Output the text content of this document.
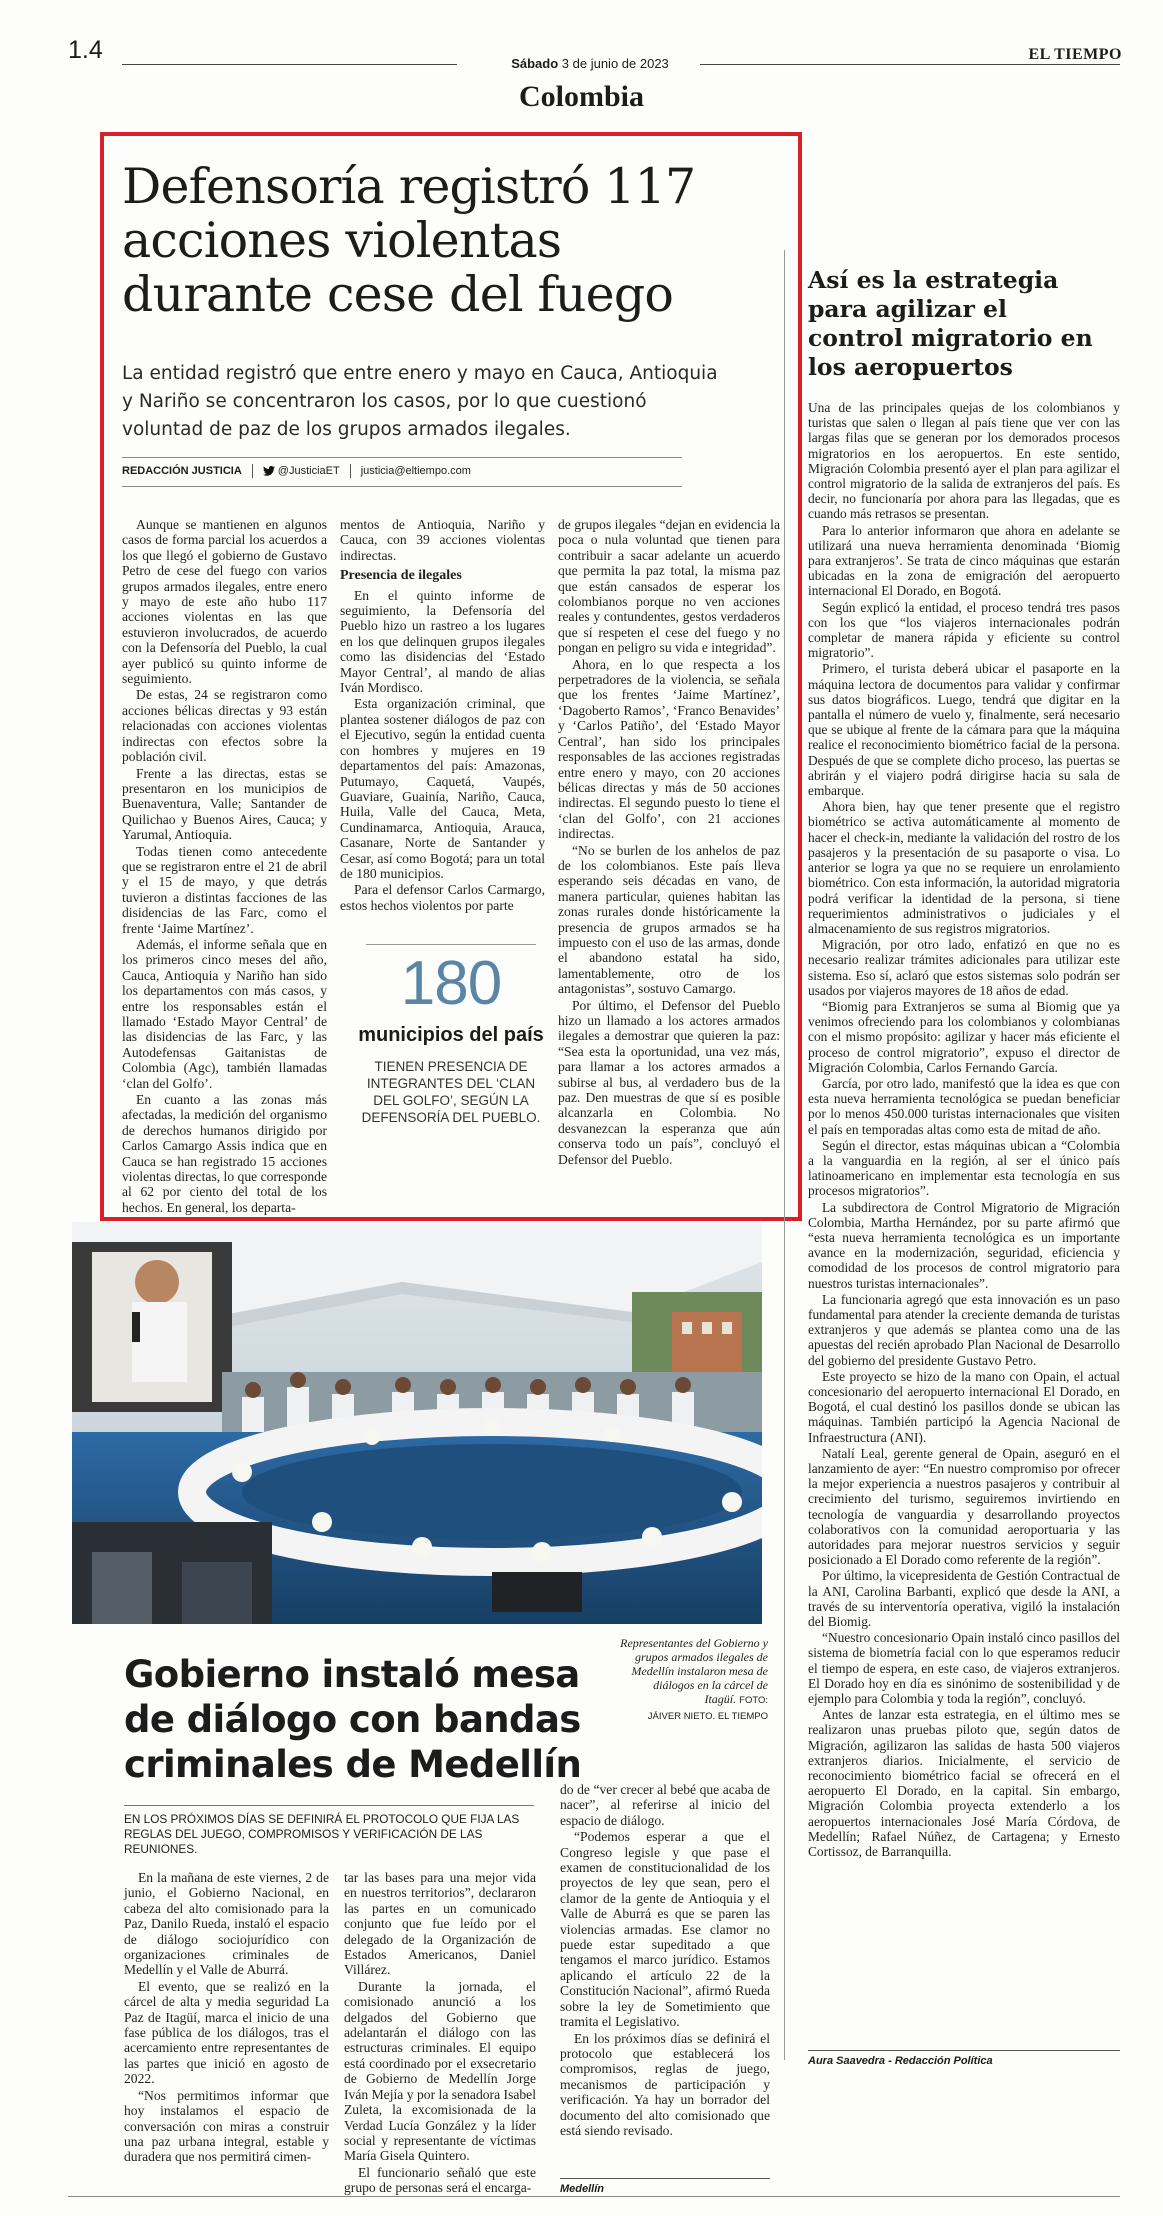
1.4	Sábado 3 de junio de 2023
EL TIEMPO
Colombia
Defensoría registró 117 acciones violentas durante cese del fuego

La entidad registró que entre enero y mayo en Cauca, Antioquia y Nariño se concentraron los casos, por lo que cuestionó voluntad de paz de los grupos armados ilegales.

REDACCIÓN JUSTICIA	@JusticiaET justicia@eltiempo.com

Aunque se mantienen en algunos casos de forma parcial los acuerdos a los que llegó el gobierno de Gustavo Petro de cese del fuego con varios grupos armados ilegales, entre enero y mayo de este año hubo 117 acciones violentas en las que estuvieron involucrados, de acuerdo con la Defensoría del Pueblo, la cual ayer publicó su quinto informe de seguimiento.

De estas, 24 se registraron como acciones bélicas directas y 93 están relacionadas con acciones violentas indirectas con efectos sobre la población civil.

Frente a las directas, estas se presentaron en los municipios de Buenaventura, Valle; Santander de Quilichao y Buenos Aires, Cauca; y Yarumal, Antioquia.

Todas tienen como antecedente que se registraron entre el 21 de abril y el 15 de mayo, y que detrás tuvieron a distintas facciones de las disidencias de las Farc, como el frente ‘Jaime Martínez’.

Además, el informe señala que en los primeros cinco meses del año, Cauca, Antioquia y Nariño han sido los departamentos con más casos, y entre los responsables están el llamado ‘Estado Mayor Central’ de las disidencias de las Farc, y las Autodefensas Gaitanistas de Colombia (Agc), también llamadas ‘clan del Golfo’.

En cuanto a las zonas más afectadas, la medición del organismo de derechos humanos dirigido por Carlos Camargo Assis indica que en Cauca se han registrado 15 acciones violentas directas, lo que corresponde al 62 por ciento del total de los hechos. En general, los departa-

mentos de Antioquia, Nariño y Cauca, con 39 acciones violentas indirectas.

Presencia de ilegales

En el quinto informe de seguimiento, la Defensoría del Pueblo hizo un rastreo a los lugares en los que delinquen grupos ilegales como las disidencias del ‘Estado Mayor Central’, al mando de alias Iván Mordisco.

Esta organización criminal, que plantea sostener diálogos de paz con el Ejecutivo, según la entidad cuenta con hombres y mujeres en 19 departamentos del país: Amazonas, Putumayo, Caquetá, Vaupés, Guaviare, Guainía, Nariño, Cauca, Huila, Valle del Cauca, Meta, Cundinamarca, Antioquia, Arauca, Casanare, Norte de Santander y Cesar, así como Bogotá; para un total de 180 municipios.

Para el defensor Carlos Carmargo, estos hechos violentos por parte

de grupos ilegales “dejan en evidencia la poca o nula voluntad que tienen para contribuir a sacar adelante un acuerdo que permita la paz total, la misma paz que están cansados de esperar los colombianos porque no ven acciones reales y contundentes, gestos verdaderos que sí respeten el cese del fuego y no pongan en peligro su vida e integridad”.

Ahora, en lo que respecta a los perpetradores de la violencia, se señala que los frentes ‘Jaime Martínez’, ‘Dagoberto Ramos’, ‘Franco Benavides’ y ‘Carlos Patiño’, del ‘Estado Mayor Central’, han sido los principales responsables de las acciones registradas entre enero y mayo, con 20 acciones bélicas directas y más de 50 acciones indirectas. El segundo puesto lo tiene el ‘clan del Golfo’, con 21 acciones indirectas.

“No se burlen de los anhelos de paz de los colombianos. Este país lleva esperando seis décadas en vano, de manera particular, quienes habitan las zonas rurales donde históricamente la presencia de grupos armados se ha impuesto con el uso de las armas, donde el abandono estatal ha sido, lamentablemente, otro de los antagonistas”, sostuvo Camargo.

Por último, el Defensor del Pueblo hizo un llamado a los actores armados ilegales a demostrar que quieren la paz: “Sea esta la oportunidad, una vez más, para llamar a los actores armados a subirse al bus, al verdadero bus de la paz. Den muestras de que sí es posible alcanzarla en Colombia. No desvanezcan la esperanza que aún conserva todo un país”, concluyó el Defensor del Pueblo.

180
municipios del país
TIENEN PRESENCIA DE INTEGRANTES DEL ‘CLAN DEL GOLFO’, SEGÚN LA DEFENSORÍA DEL PUEBLO.
Así es la estrategia para agilizar el control migratorio en los aeropuertos

Una de las principales quejas de los colombianos y turistas que salen o llegan al país tiene que ver con las largas filas que se generan por los demorados procesos migratorios en los aeropuertos. En este sentido, Migración Colombia presentó ayer el plan para agilizar el control migratorio de la salida de extranjeros del país. Es decir, no funcionaría por ahora para las llegadas, que es cuando más retrasos se presentan.

Para lo anterior informaron que ahora en adelante se utilizará una nueva herramienta denominada ‘Biomig para extranjeros’. Se trata de cinco máquinas que estarán ubicadas en la zona de emigración del aeropuerto internacional El Dorado, en Bogotá.

Según explicó la entidad, el proceso tendrá tres pasos con los que “los viajeros internacionales podrán completar de manera rápida y eficiente su control migratorio”.

Primero, el turista deberá ubicar el pasaporte en la máquina lectora de documentos para validar y confirmar sus datos biográficos. Luego, tendrá que digitar en la pantalla el número de vuelo y, finalmente, será necesario que se ubique al frente de la cámara para que la máquina realice el reconocimiento biométrico facial de la persona. Después de que se complete dicho proceso, las puertas se abrirán y el viajero podrá dirigirse hacia su sala de embarque.

Ahora bien, hay que tener presente que el registro biométrico se activa automáticamente al momento de hacer el check-in, mediante la validación del rostro de los pasajeros y la presentación de su pasaporte o visa. Lo anterior se logra ya que no se requiere un enrolamiento biométrico. Con esta información, la autoridad migratoria podrá verificar la identidad de la persona, si tiene requerimientos administrativos o judiciales y el almacenamiento de sus registros migratorios.

Migración, por otro lado, enfatizó en que no es necesario realizar trámites adicionales para utilizar este sistema. Eso sí, aclaró que estos sistemas solo podrán ser usados por viajeros mayores de 18 años de edad.

“Biomig para Extranjeros se suma al Biomig que ya venimos ofreciendo para los colombianos y colombianas con el mismo propósito: agilizar y hacer más eficiente el proceso de control migratorio”, expuso el director de Migración Colombia, Carlos Fernando García.

García, por otro lado, manifestó que la idea es que con esta nueva herramienta tecnológica se puedan beneficiar por lo menos 450.000 turistas internacionales que visiten el país en temporadas altas como esta de mitad de año.

Según el director, estas máquinas ubican a “Colombia a la vanguardia en la región, al ser el único país latinoamericano en implementar esta tecnología en sus procesos migratorios”.

La subdirectora de Control Migratorio de Migración Colombia, Martha Hernández, por su parte afirmó que “esta nueva herramienta tecnológica es un importante avance en la modernización, seguridad, eficiencia y comodidad de los procesos de control migratorio para nuestros turistas internacionales”.

La funcionaria agregó que esta innovación es un paso fundamental para atender la creciente demanda de turistas extranjeros y que además se plantea como una de las apuestas del recién aprobado Plan Nacional de Desarrollo del gobierno del presidente Gustavo Petro.

Este proyecto se hizo de la mano con Opain, el actual concesionario del aeropuerto internacional El Dorado, en Bogotá, el cual destinó los pasillos donde se ubican las máquinas. También participó la Agencia Nacional de Infraestructura (ANI).

Natalí Leal, gerente general de Opain, aseguró en el lanzamiento de ayer: “En nuestro compromiso por ofrecer la mejor experiencia a nuestros pasajeros y contribuir al crecimiento del turismo, seguiremos invirtiendo en tecnología de vanguardia y desarrollando proyectos colaborativos con la comunidad aeroportuaria y las autoridades para mejorar nuestros servicios y seguir posicionado a El Dorado como referente de la región”.

Por último, la vicepresidenta de Gestión Contractual de la ANI, Carolina Barbanti, explicó que desde la ANI, a través de su interventoría operativa, vigiló la instalación del Biomig.

“Nuestro concesionario Opain instaló cinco pasillos del sistema de biometría facial con lo que esperamos reducir el tiempo de espera, en este caso, de viajeros extranjeros. El Dorado hoy en día es sinónimo de sostenibilidad y de ejemplo para Colombia y toda la región”, concluyó.

Antes de lanzar esta estrategia, en el último mes se realizaron unas pruebas piloto que, según datos de Migración, agilizaron las salidas de hasta 500 viajeros extranjeros diarios. Inicialmente, el servicio de reconocimiento biométrico facial se ofrecerá en el aeropuerto El Dorado, en la capital. Sin embargo, Migración Colombia proyecta extenderlo a los aeropuertos internacionales José María Córdova, de Medellín; Rafael Núñez, de Cartagena; y Ernesto Cortissoz, de Barranquilla.

Aura Saavedra - Redacción Política
Representantes del Gobierno y grupos armados ilegales de Medellín instalaron mesa de diálogos en la cárcel de Itagüí. FOTO:
JÁIVER NIETO. EL TIEMPO
Gobierno instaló mesa de diálogo con bandas criminales de Medellín

EN LOS PRÓXIMOS DÍAS SE DEFINIRÁ EL PROTOCOLO QUE FIJA LAS REGLAS DEL JUEGO, COMPROMISOS Y VERIFICACIÓN DE LAS REUNIONES.

En la mañana de este viernes, 2 de junio, el Gobierno Nacional, en cabeza del alto comisionado para la Paz, Danilo Rueda, instaló el espacio de diálogo sociojurídico con organizaciones criminales de Medellín y el Valle de Aburrá.

El evento, que se realizó en la cárcel de alta y media seguridad La Paz de Itagüí, marca el inicio de una fase pública de los diálogos, tras el acercamiento entre representantes de las partes que inició en agosto de 2022.

“Nos permitimos informar que hoy instalamos el espacio de conversación con miras a construir una paz urbana integral, estable y duradera que nos permitirá cimen-

tar las bases para una mejor vida en nuestros territorios”, declararon las partes en un comunicado conjunto que fue leído por el delegado de la Organización de Estados Americanos, Daniel Villárez.

Durante la jornada, el comisionado anunció a los delgados del Gobierno que adelantarán el diálogo con las estructuras criminales. El equipo está coordinado por el exsecretario de Gobierno de Medellín Jorge Iván Mejía y por la senadora Isabel Zuleta, la excomisionada de la Verdad Lucía González y la líder social y representante de víctimas María Gisela Quintero.

El funcionario señaló que este grupo de personas será el encarga-

do de “ver crecer al bebé que acaba de nacer”, al referirse al inicio del espacio de diálogo.

“Podemos esperar a que el Congreso legisle y que pase el examen de constitucionalidad de los proyectos de ley que sean, pero el clamor de la gente de Antioquia y el Valle de Aburrá es que se paren las violencias armadas. Ese clamor no puede estar supeditado a que tengamos el marco jurídico. Estamos aplicando el artículo 22 de la Constitución Nacional”, afirmó Rueda sobre la ley de Sometimiento que tramita el Legislativo.

En los próximos días se definirá el protocolo que establecerá los compromisos, reglas de juego, mecanismos de participación y verificación. Ya hay un borrador del documento del alto comisionado que está siendo revisado.

Medellín
